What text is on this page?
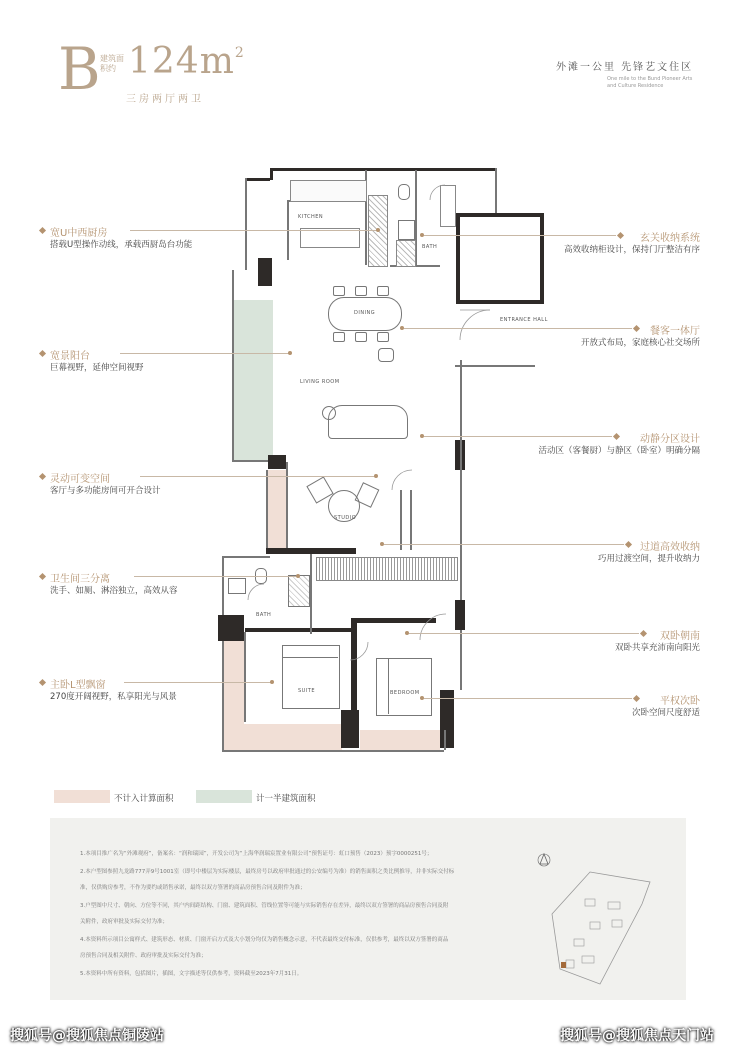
B 建筑面积约 $124m^2$
三房两厅两卫
外滩一公里 先锋艺文住区
One mile to the Bund Pioneer Arts and Culture Residence
KITCHEN
BATH
DINING
ENTRANCE HALL
LIVING ROOM
STUDIO
BATH
SUITE	BEDROOM
宽U中西厨房
搭载U型操作动线，承载西厨岛台功能
宽景阳台
巨幕视野，延伸空间视野
灵动可变空间
客厅与多功能房间可开合设计
卫生间三分离
洗手、如厕、淋浴独立，高效从容
主卧L型飘窗
270度开阔视野，私享阳光与风景
玄关收纳系统
高效收纳柜设计，保持门厅整洁有序
餐客一体厅
开放式布局，家庭核心社交场所
动静分区设计
活动区（客餐厨）与静区（卧室）明确分隔
过道高效收纳
巧用过渡空间，提升收纳力
双卧朝南
双卧共享充沛南向阳光
平权次卧
次卧空间尺度舒适
不计入计算面积	计一半建筑面积
1.本项目推广名为“外滩观府”，备案名：“润和瑞园”，开发公司为“上海华润瑞宸置业有限公司”预售证号：虹口预售（2023）预字0000251号；
2.本户型图参照九龙路777弄9号1001室（即号中楼层为实际楼层，最终房号以政府审批通过的公安编号为准）的销售面积之类比例推导，并非实际交付标
准，仅供购房参考，不作为要约或销售承诺，最终以双方签署的商品房预售合同及附件为准；
3.户型图中尺寸、朝向、方位等不同，其户内间距结构、门窗、建筑面积、管线位置等可能与实际销售存在差异，最终以双方签署的商品房预售合同及附
关附件，政府审批及实际交付为准；
4.本资料所示项目公寓样式、建筑形态、材质、门窗开启方式及大小划分均仅为销售概念示意，不代表最终交付标准，仅供参考，最终以双方签署的商品
房预售合同及相关附件、政府审批及实际交付为准；
5.本资料中所有资料，包括图片，插图，文字描述等仅供参考，资料截至2023年7月31日。
搜狐号@搜狐焦点铜陵站	搜狐号@搜狐焦点天门站
